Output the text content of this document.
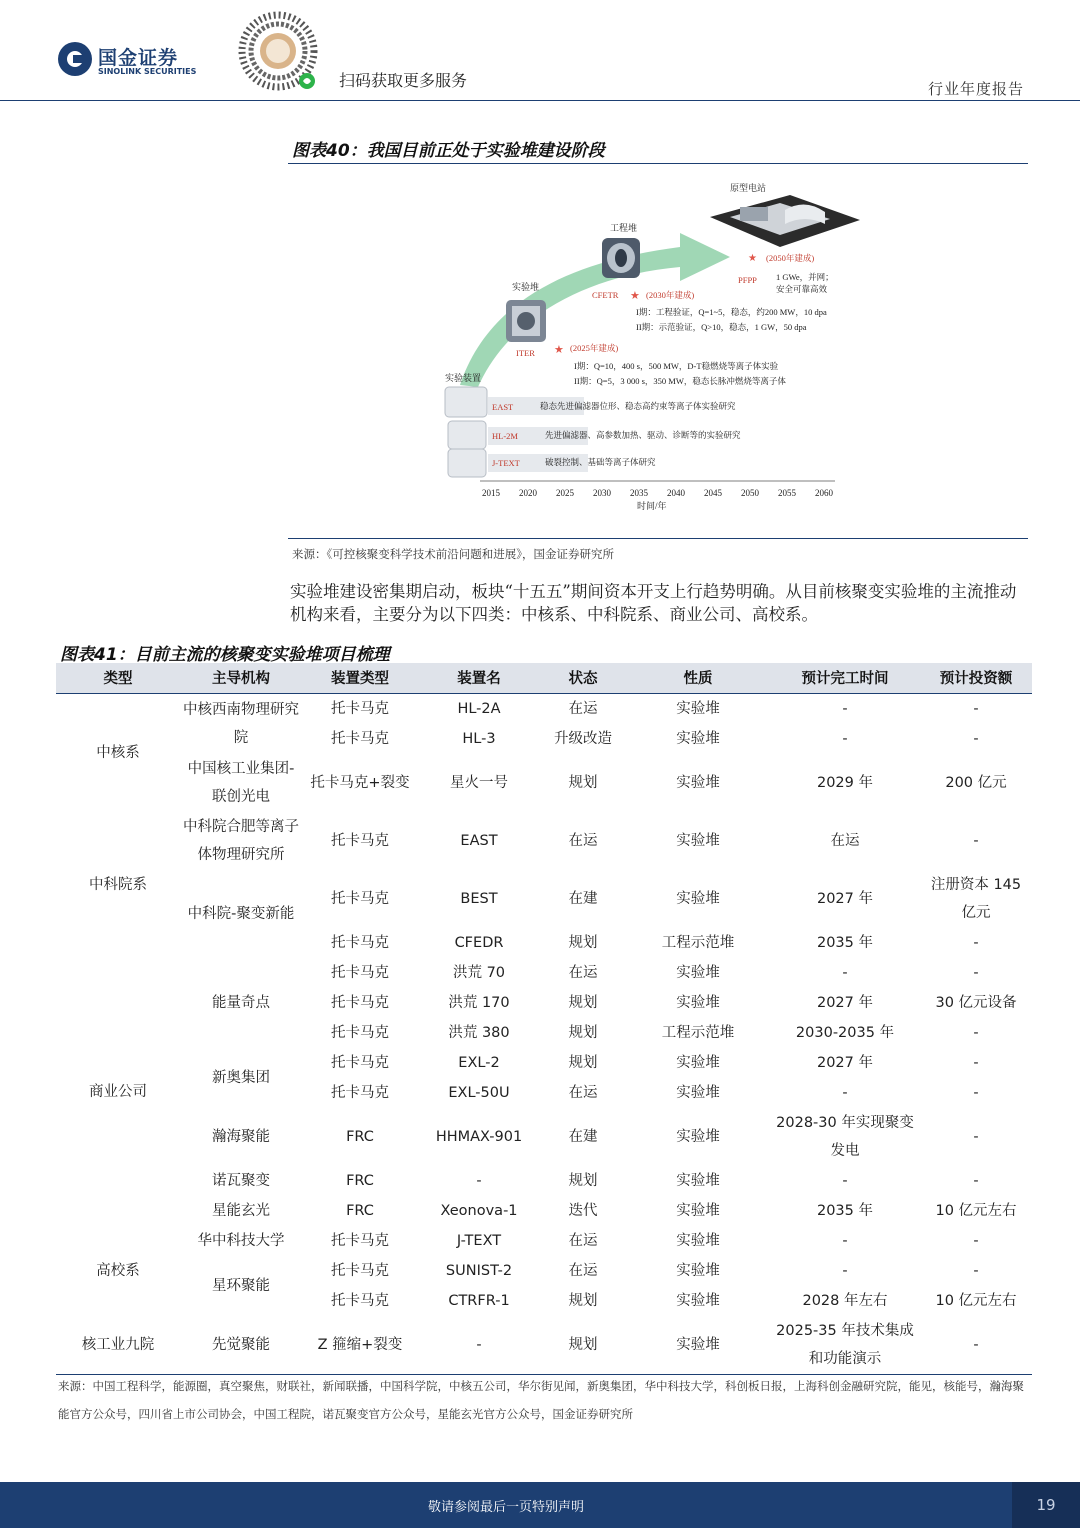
国金证券
SINOLINK SECURITIES	扫码获取更多服务	行业年度报告
图表40：我国目前正处于实验堆建设阶段
原型电站
工程堆
实验堆
★ (2050年建成)
PFPP 1 GWe，并网；
安全可靠高效
CFETR ★ (2030年建成)
I期：工程验证，Q=1~5，稳态，约200 MW，10 dpa
II期：示范验证，Q>10，稳态，1 GW，50 dpa
ITER ★ (2025年建成)
I期：Q=10，400 s，500 MW，D-T稳燃烧等离子体实验
II期：Q=5，3 000 s，350 MW，稳态长脉冲燃烧等离子体
实验装置
EAST	稳态先进偏滤器位形、稳态高约束等离子体实验研究
HL-2M	先进偏滤器、高参数加热、驱动、诊断等的实验研究
J-TEXT	破裂控制、基础等离子体研究
2015 2020 2025 2030 2035 2040 2045 2050 2055 2060
时间/年
来源：《可控核聚变科学技术前沿问题和进展》，国金证券研究所
实验堆建设密集期启动，板块“十五五”期间资本开支上行趋势明确。从目前核聚变实验堆的主流推动机构来看，主要分为以下四类：中核系、中科院系、商业公司、高校系。
图表41：目前主流的核聚变实验堆项目梳理
类型	主导机构	装置类型	装置名	状态	性质	预计完工时间	预计投资额
中核系	中核西南物理研究院	托卡马克	HL-2A	在运	实验堆	-	-
		托卡马克	HL-3	升级改造	实验堆	-	-
	中国核工业集团-联创光电	托卡马克+裂变	星火一号	规划	实验堆	2029 年	200 亿元
中科院系	中科院合肥等离子体物理研究所	托卡马克	EAST	在运	实验堆	在运	-
	中科院-聚变新能	托卡马克	BEST	在建	实验堆	2027 年	注册资本 145 亿元
		托卡马克	CFEDR	规划	工程示范堆	2035 年	-
商业公司	能量奇点	托卡马克	洪荒 70	在运	实验堆	-	-
		托卡马克	洪荒 170	规划	实验堆	2027 年	30 亿元设备
		托卡马克	洪荒 380	规划	工程示范堆	2030-2035 年	-
	新奥集团	托卡马克	EXL-2	规划	实验堆	2027 年	-
		托卡马克	EXL-50U	在运	实验堆	-	-
	瀚海聚能	FRC	HHMAX-901	在建	实验堆	2028-30 年实现聚变发电	-
	诺瓦聚变	FRC	-	规划	实验堆	-	-
	星能玄光	FRC	Xeonova-1	迭代	实验堆	2035 年	10 亿元左右
高校系	华中科技大学	托卡马克	J-TEXT	在运	实验堆	-	-
	星环聚能	托卡马克	SUNIST-2	在运	实验堆	-	-
		托卡马克	CTRFR-1	规划	实验堆	2028 年左右	10 亿元左右
核工业九院	先觉聚能	Z 箍缩+裂变	-	规划	实验堆	2025-35 年技术集成和功能演示	-
来源：中国工程科学，能源圈，真空聚焦，财联社，新闻联播，中国科学院，中核五公司，华尔街见闻，新奥集团，华中科技大学，科创板日报，上海科创金融研究院，能见，核能号，瀚海聚能官方公众号，四川省上市公司协会，中国工程院，诺瓦聚变官方公众号，星能玄光官方公众号，国金证券研究所
敬请参阅最后一页特别声明	19
